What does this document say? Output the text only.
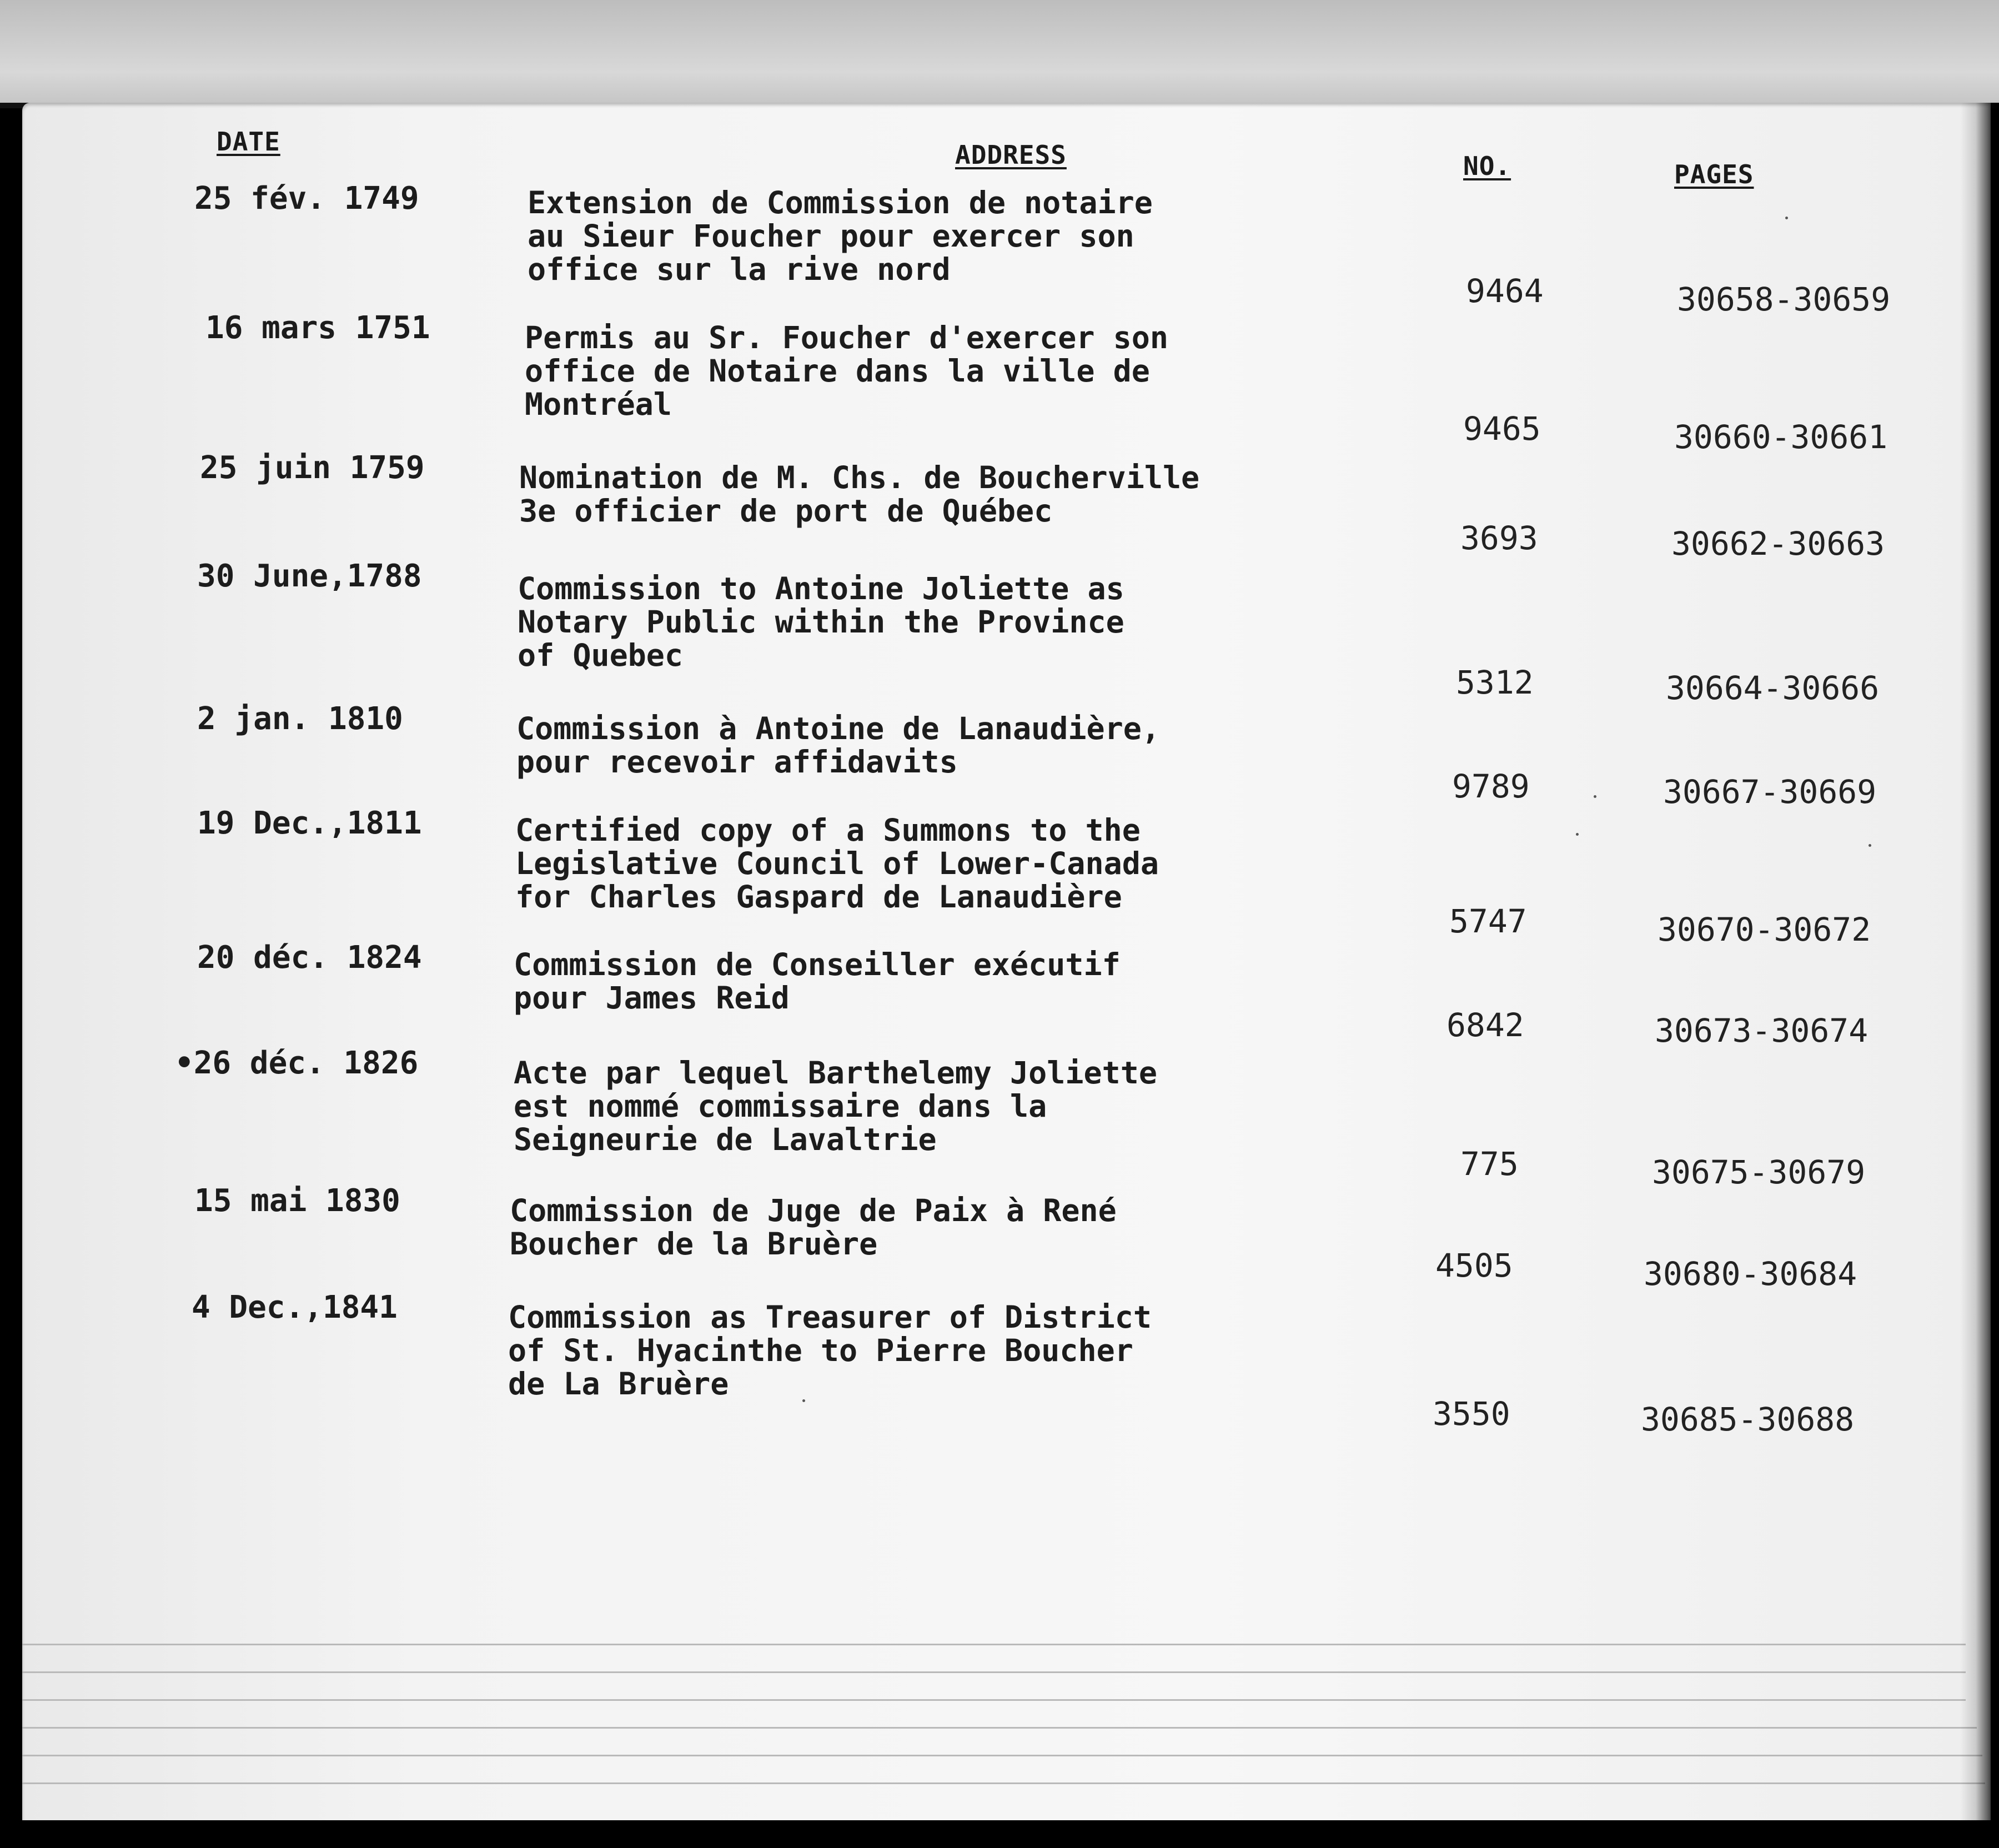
DATE	ADDRESS	NO.	PAGES
25 fév. 1749	Extension de Commission de notaire
au Sieur Foucher pour exercer son
office sur la rive nord
9464	30658-30659
16 mars 1751	Permis au Sr. Foucher d'exercer son
office de Notaire dans la ville de
Montréal
9465	30660-30661
25 juin 1759	Nomination de M. Chs. de Boucherville
3e officier de port de Québec
3693	30662-30663
30 June,1788	Commission to Antoine Joliette as
Notary Public within the Province
of Quebec
5312	30664-30666
2 jan. 1810	Commission à Antoine de Lanaudière,
pour recevoir affidavits
9789	30667-30669
19 Dec.,1811	Certified copy of a Summons to the
Legislative Council of Lower-Canada
for Charles Gaspard de Lanaudière
5747	30670-30672
20 déc. 1824	Commission de Conseiller exécutif
pour James Reid
6842	30673-30674
•26 déc. 1826	Acte par lequel Barthelemy Joliette
est nommé commissaire dans la
Seigneurie de Lavaltrie
775	30675-30679
15 mai 1830	Commission de Juge de Paix à René
Boucher de la Bruère
4505	30680-30684
4 Dec.,1841	Commission as Treasurer of District
of St. Hyacinthe to Pierre Boucher
de La Bruère
3550	30685-30688
